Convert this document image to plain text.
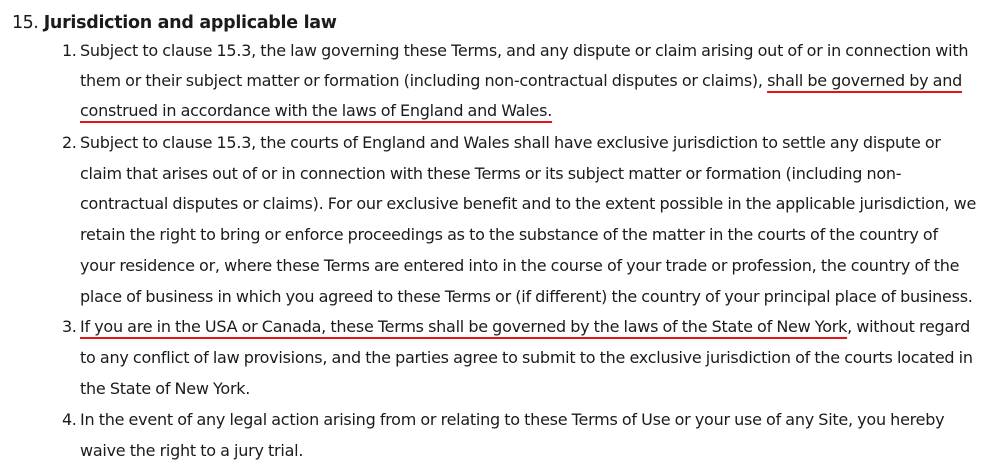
15. Jurisdiction and applicable law
1. Subject to clause 15.3, the law governing these Terms, and any dispute or claim arising out of or in connection with
them or their subject matter or formation (including non-contractual disputes or claims), shall be governed by and
construed in accordance with the laws of England and Wales.
2. Subject to clause 15.3, the courts of England and Wales shall have exclusive jurisdiction to settle any dispute or
claim that arises out of or in connection with these Terms or its subject matter or formation (including non-
contractual disputes or claims). For our exclusive benefit and to the extent possible in the applicable jurisdiction, we
retain the right to bring or enforce proceedings as to the substance of the matter in the courts of the country of
your residence or, where these Terms are entered into in the course of your trade or profession, the country of the
place of business in which you agreed to these Terms or (if different) the country of your principal place of business.
3. If you are in the USA or Canada, these Terms shall be governed by the laws of the State of New York, without regard
to any conflict of law provisions, and the parties agree to submit to the exclusive jurisdiction of the courts located in
the State of New York.
4. In the event of any legal action arising from or relating to these Terms of Use or your use of any Site, you hereby
waive the right to a jury trial.
